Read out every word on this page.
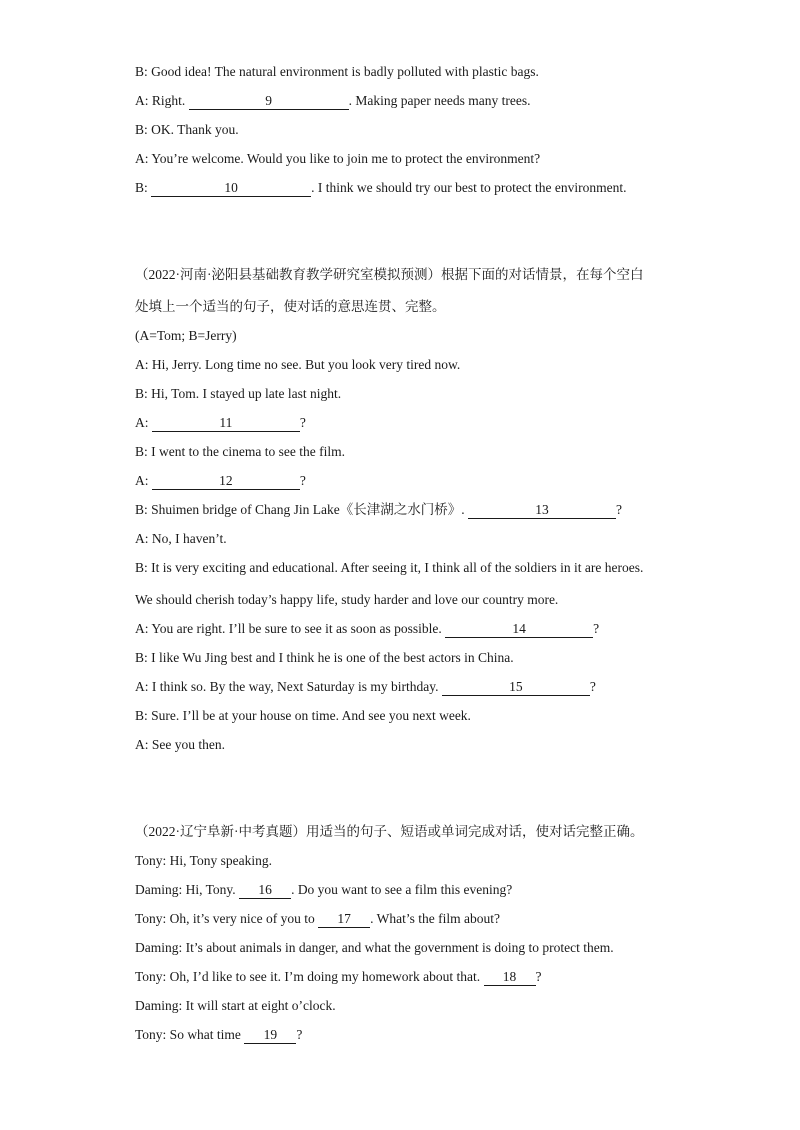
B: Good idea! The natural environment is badly polluted with plastic bags.
A: Right.	9	. Making paper needs many trees.
B: OK. Thank you.
A: You’re welcome. Would you like to join me to protect the environment?
B:	10	. I think we should try our best to protect the environment.
（2022·河南·泌阳县基础教育教学研究室模拟预测）根据下面的对话情景，在每个空白
处填上一个适当的句子，使对话的意思连贯、完整。
(A=Tom; B=Jerry)
A: Hi, Jerry. Long time no see. But you look very tired now.
B: Hi, Tom. I stayed up late last night.
A:	11	?
B: I went to the cinema to see the film.
A:	12	?
B: Shuimen bridge of Chang Jin Lake《长津湖之水门桥》.	13	?
A: No, I haven’t.
B: It is very exciting and educational. After seeing it, I think all of the soldiers in it are heroes.
We should cherish today’s happy life, study harder and love our country more.
A: You are right. I’ll be sure to see it as soon as possible.	14	?
B: I like Wu Jing best and I think he is one of the best actors in China.
A: I think so. By the way, Next Saturday is my birthday.	15	?
B: Sure. I’ll be at your house on time. And see you next week.
A: See you then.
（2022·辽宁阜新·中考真题）用适当的句子、短语或单词完成对话，使对话完整正确。
Tony: Hi, Tony speaking.
Daming: Hi, Tony. 16 . Do you want to see a film this evening?
Tony: Oh, it’s very nice of you to 17 . What’s the film about?
Daming: It’s about animals in danger, and what the government is doing to protect them.
Tony: Oh, I’d like to see it. I’m doing my homework about that. 18 ?
Daming: It will start at eight o’clock.
Tony: So what time 19 ?
